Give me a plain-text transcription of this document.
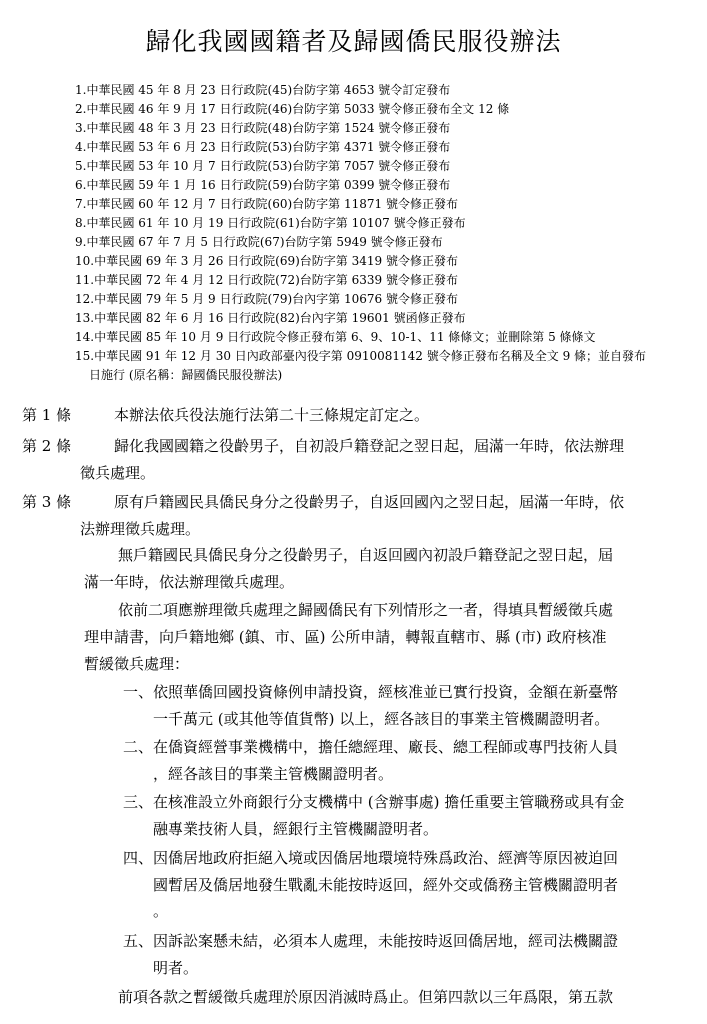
歸化我國國籍者及歸國僑民服役辦法
1.中華民國 45 年 8 月 23 日行政院(45)台防字第 4653 號令訂定發布
2.中華民國 46 年 9 月 17 日行政院(46)台防字第 5033 號令修正發布全文 12 條
3.中華民國 48 年 3 月 23 日行政院(48)台防字第 1524 號令修正發布
4.中華民國 53 年 6 月 23 日行政院(53)台防字第 4371 號令修正發布
5.中華民國 53 年 10 月 7 日行政院(53)台防字第 7057 號令修正發布
6.中華民國 59 年 1 月 16 日行政院(59)台防字第 0399 號令修正發布
7.中華民國 60 年 12 月 7 日行政院(60)台防字第 11871 號令修正發布
8.中華民國 61 年 10 月 19 日行政院(61)台防字第 10107 號令修正發布
9.中華民國 67 年 7 月 5 日行政院(67)台防字第 5949 號令修正發布
10.中華民國 69 年 3 月 26 日行政院(69)台防字第 3419 號令修正發布
11.中華民國 72 年 4 月 12 日行政院(72)台防字第 6339 號令修正發布
12.中華民國 79 年 5 月 9 日行政院(79)台內字第 10676 號令修正發布
13.中華民國 82 年 6 月 16 日行政院(82)台內字第 19601 號函修正發布
14.中華民國 85 年 10 月 9 日行政院令修正發布第 6、9、10-1、11 條條文；並刪除第 5 條條文
15.中華民國 91 年 12 月 30 日內政部臺內役字第 0910081142 號令修正發布名稱及全文 9 條；並自發布
日施行 (原名稱：歸國僑民服役辦法)
第 1 條	本辦法依兵役法施行法第二十三條規定訂定之。
第 2 條	歸化我國國籍之役齡男子，自初設戶籍登記之翌日起，屆滿一年時，依法辦理
徵兵處理。
第 3 條	原有戶籍國民具僑民身分之役齡男子，自返回國內之翌日起，屆滿一年時，依
法辦理徵兵處理。
無戶籍國民具僑民身分之役齡男子，自返回國內初設戶籍登記之翌日起，屆
滿一年時，依法辦理徵兵處理。
依前二項應辦理徵兵處理之歸國僑民有下列情形之一者，得填具暫緩徵兵處
理申請書，向戶籍地鄉 (鎮、市、區) 公所申請，轉報直轄市、縣 (市) 政府核准
暫緩徵兵處理：
一、依照華僑回國投資條例申請投資，經核准並已實行投資，金額在新臺幣
一千萬元 (或其他等值貨幣) 以上，經各該目的事業主管機關證明者。
二、在僑資經營事業機構中，擔任總經理、廠長、總工程師或專門技術人員
，經各該目的事業主管機關證明者。
三、在核准設立外商銀行分支機構中 (含辦事處) 擔任重要主管職務或具有金
融專業技術人員，經銀行主管機關證明者。
四、因僑居地政府拒絕入境或因僑居地環境特殊爲政治、經濟等原因被迫回
國暫居及僑居地發生戰亂未能按時返回，經外交或僑務主管機關證明者
。
五、因訴訟案懸未結，必須本人處理，未能按時返回僑居地，經司法機關證
明者。
前項各款之暫緩徵兵處理於原因消滅時爲止。但第四款以三年爲限，第五款
